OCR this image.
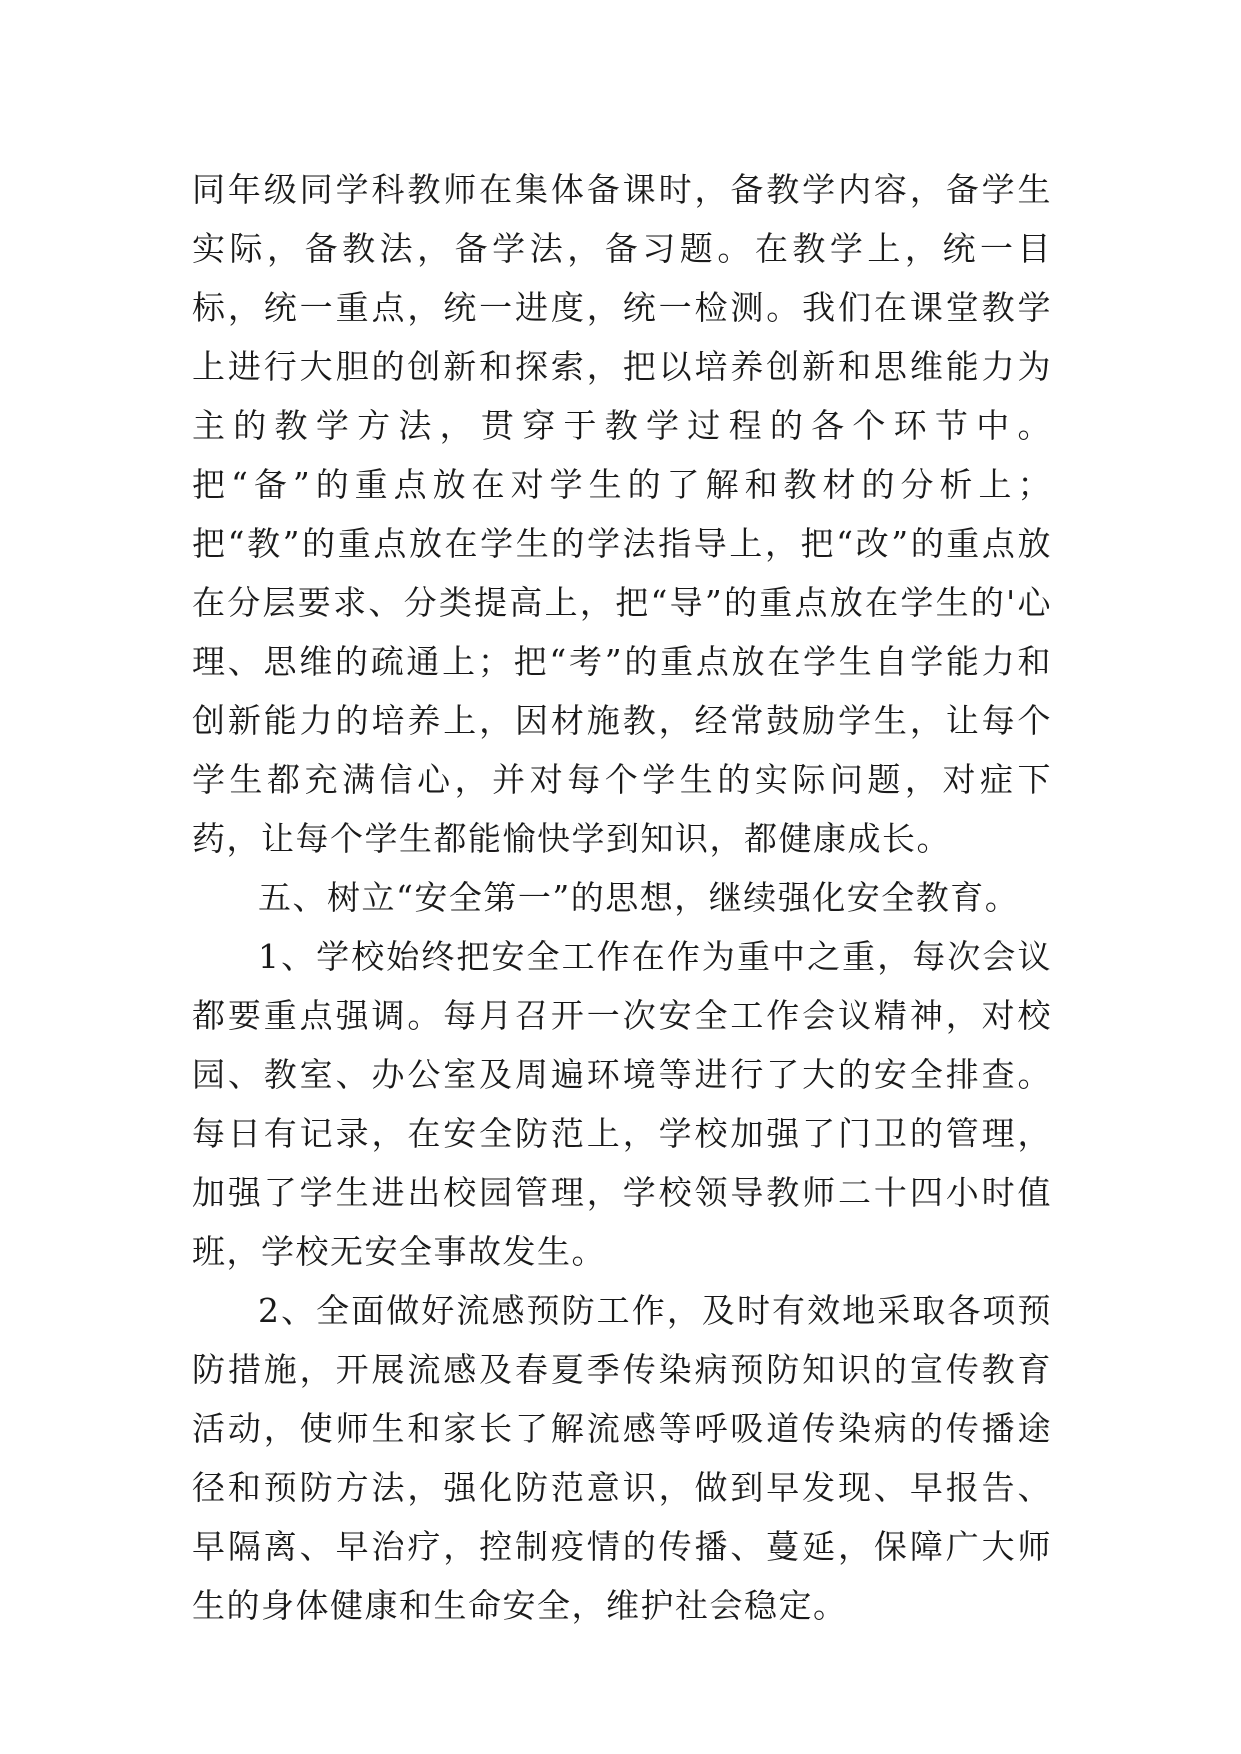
同年级同学科教师在集体备课时，备教学内容，备学生实际，备教法，备学法，备习题。在教学上，统一目标，统一重点，统一进度，统一检测。我们在课堂教学上进行大胆的创新和探索，把以培养创新和思维能力为主的教学方法，贯穿于教学过程的各个环节中。把“备”的重点放在对学生的了解和教材的分析上；把“教”的重点放在学生的学法指导上，把“改”的重点放在分层要求、分类提高上，把“导”的重点放在学生的'心理、思维的疏通上；把“考”的重点放在学生自学能力和创新能力的培养上，因材施教，经常鼓励学生，让每个学生都充满信心，并对每个学生的实际问题，对症下药，让每个学生都能愉快学到知识，都健康成长。

五、树立“安全第一”的思想，继续强化安全教育。

1、学校始终把安全工作在作为重中之重，每次会议都要重点强调。每月召开一次安全工作会议精神，对校园、教室、办公室及周遍环境等进行了大的安全排查。每日有记录，在安全防范上，学校加强了门卫的管理，加强了学生进出校园管理，学校领导教师二十四小时值班，学校无安全事故发生。

2、全面做好流感预防工作，及时有效地采取各项预防措施，开展流感及春夏季传染病预防知识的宣传教育活动，使师生和家长了解流感等呼吸道传染病的传播途径和预防方法，强化防范意识，做到早发现、早报告、早隔离、早治疗，控制疫情的传播、蔓延，保障广大师生的身体健康和生命安全，维护社会稳定。
